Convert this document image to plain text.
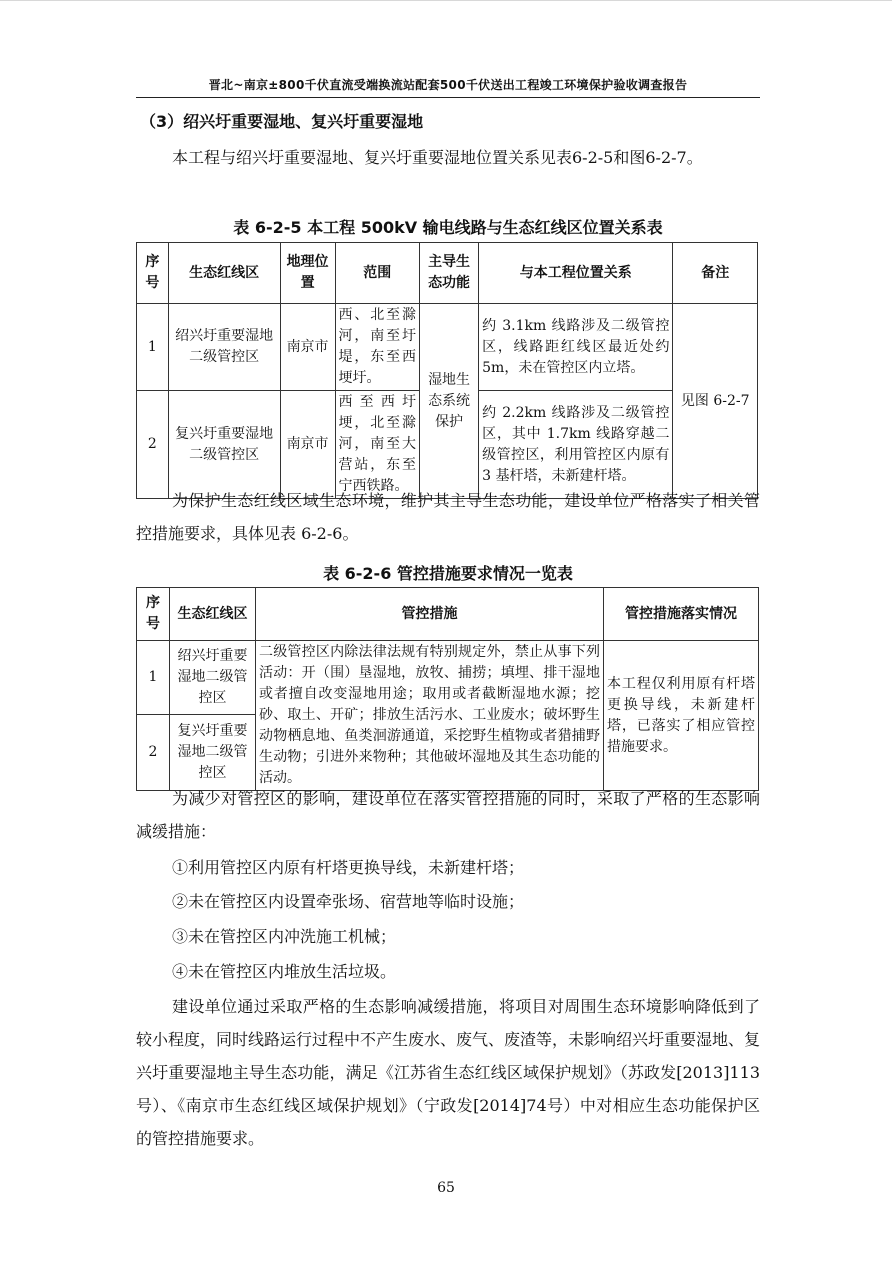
晋北~南京±800千伏直流受端换流站配套500千伏送出工程竣工环境保护验收调查报告
（3）绍兴圩重要湿地、复兴圩重要湿地

本工程与绍兴圩重要湿地、复兴圩重要湿地位置关系见表6-2-5和图6-2-7。

表 6-2-5 本工程 500kV 输电线路与生态红线区位置关系表
序号	生态红线区	地理位置	范围	主导生态功能	与本工程位置关系	备注
1	绍兴圩重要湿地二级管控区	南京市	西、北至滁河，南至圩堤，东至西埂圩。	湿地生态系统保护	约 3.1km 线路涉及二级管控区，线路距红线区最近处约 5m，未在管控区内立塔。	见图 6-2-7
2	复兴圩重要湿地二级管控区	南京市	西至西圩埂，北至滁河，南至大营站，东至宁西铁路。		约 2.2km 线路涉及二级管控区，其中 1.7km 线路穿越二级管控区，利用管控区内原有 3 基杆塔，未新建杆塔。	

为保护生态红线区域生态环境，维护其主导生态功能，建设单位严格落实了相关管控措施要求，具体见表 6-2-6。

表 6-2-6 管控措施要求情况一览表
序号	生态红线区	管控措施	管控措施落实情况
1	绍兴圩重要湿地二级管控区	二级管控区内除法律法规有特别规定外，禁止从事下列活动：开（围）垦湿地，放牧、捕捞；填埋、排干湿地或者擅自改变湿地用途；取用或者截断湿地水源；挖砂、取土、开矿；排放生活污水、工业废水；破坏野生动物栖息地、鱼类洄游通道，采挖野生植物或者猎捕野生动物；引进外来物种；其他破坏湿地及其生态功能的活动。	本工程仅利用原有杆塔更换导线，未新建杆塔，已落实了相应管控措施要求。
2	复兴圩重要湿地二级管控区		

为减少对管控区的影响，建设单位在落实管控措施的同时，采取了严格的生态影响减缓措施：

①利用管控区内原有杆塔更换导线，未新建杆塔；
②未在管控区内设置牵张场、宿营地等临时设施；
③未在管控区内冲洗施工机械；
④未在管控区内堆放生活垃圾。

建设单位通过采取严格的生态影响减缓措施，将项目对周围生态环境影响降低到了较小程度，同时线路运行过程中不产生废水、废气、废渣等，未影响绍兴圩重要湿地、复兴圩重要湿地主导生态功能，满足《江苏省生态红线区域保护规划》（苏政发[2013]113号）、《南京市生态红线区域保护规划》（宁政发[2014]74号）中对相应生态功能保护区的管控措施要求。

65
